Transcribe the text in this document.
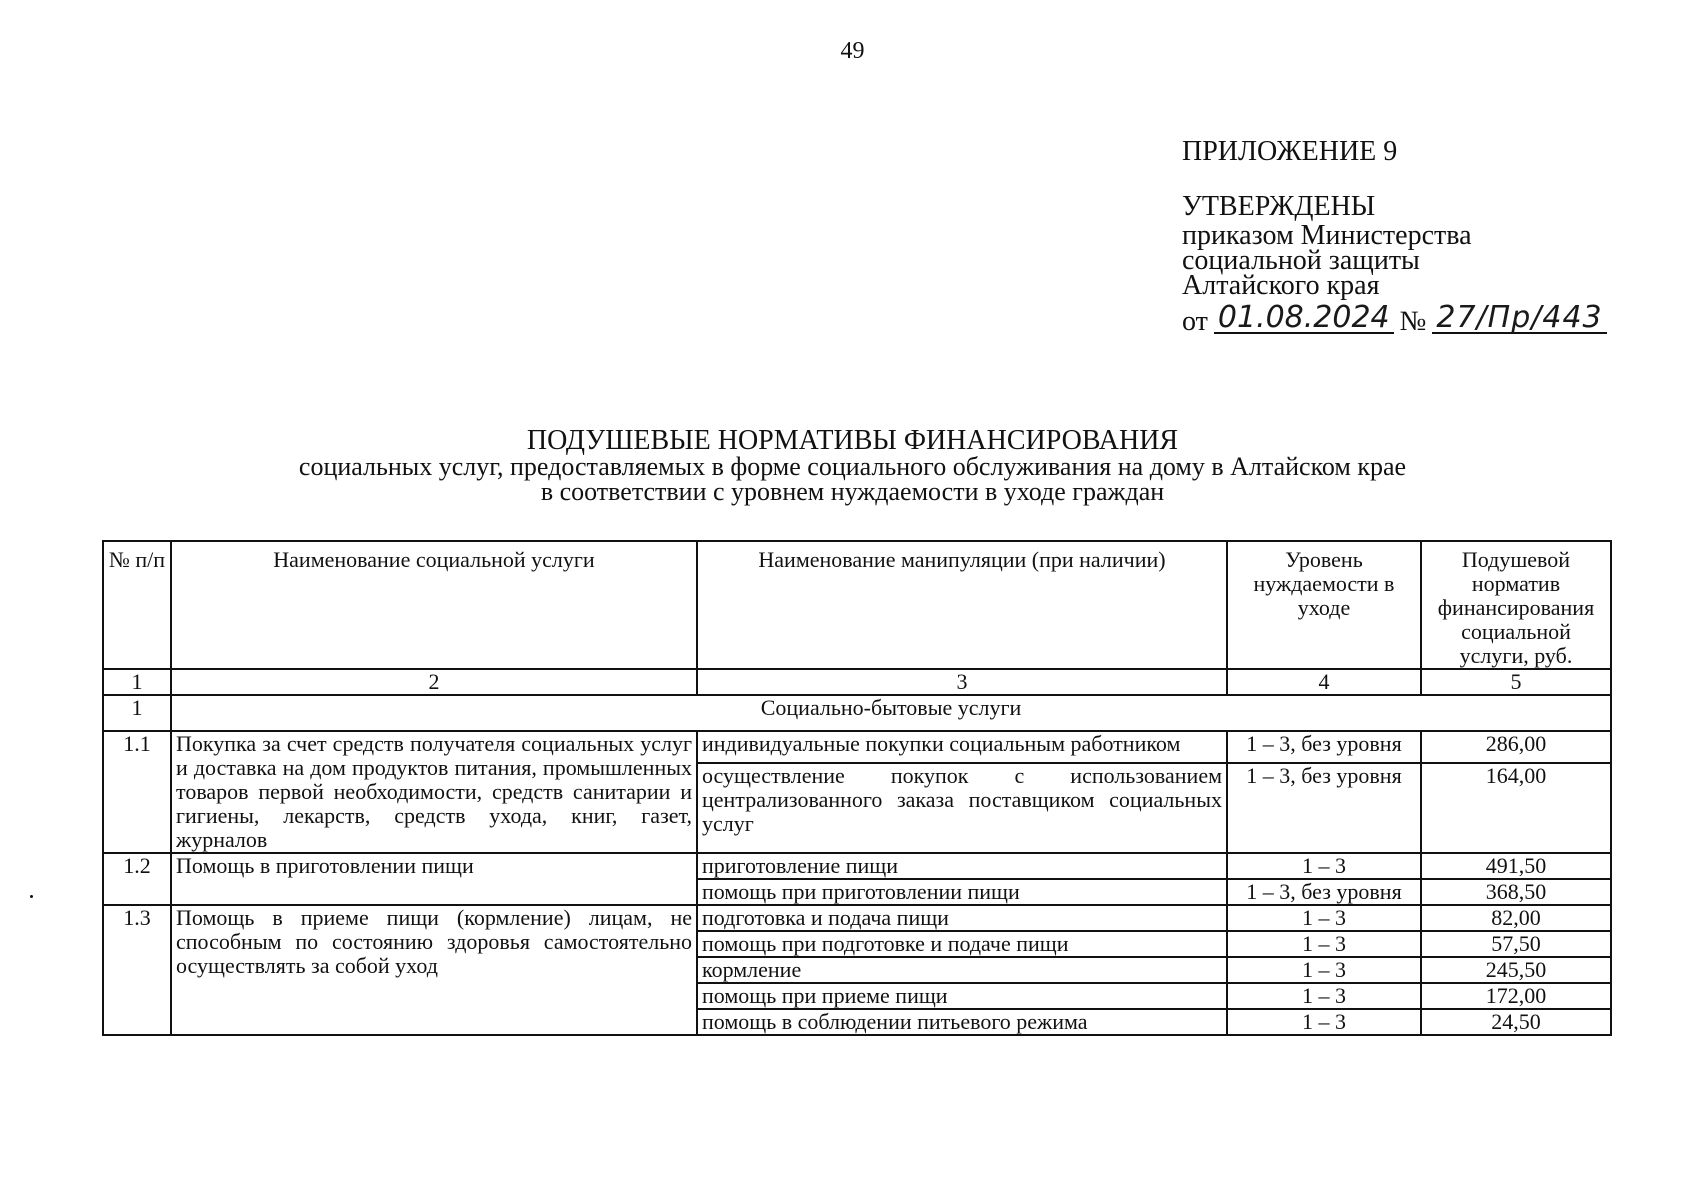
49
ПРИЛОЖЕНИЕ 9
УТВЕРЖДЕНЫ
приказом Министерства
социальной защиты
Алтайского края
от 01.08.2024 № 27/Пр/443
ПОДУШЕВЫЕ НОРМАТИВЫ ФИНАНСИРОВАНИЯ
социальных услуг, предоставляемых в форме социального обслуживания на дому в Алтайском крае
в соответствии с уровнем нуждаемости в уходе граждан
№ п/п	Наименование социальной услуги	Наименование манипуляции (при наличии)	Уровень нуждаемости в уходе	Подушевой норматив финансирования социальной услуги, руб.
1	2	3	4	5
1	Социально-бытовые услуги			
1.1	Покупка за счет средств получателя социальных услуг и доставка на дом продуктов питания, промышленных товаров первой необходимости, средств санитарии и гигиены, лекарств, средств ухода, книг, газет, журналов	индивидуальные покупки социальным работником	1 – 3, без уровня	286,00
		осуществление покупок с использованием централизованного заказа поставщиком социальных услуг	1 – 3, без уровня	164,00
1.2	Помощь в приготовлении пищи	приготовление пищи	1 – 3	491,50
		помощь при приготовлении пищи	1 – 3, без уровня	368,50
1.3	Помощь в приеме пищи (кормление) лицам, не способным по состоянию здоровья самостоятельно осуществлять за собой уход	подготовка и подача пищи	1 – 3	82,00
		помощь при подготовке и подаче пищи	1 – 3	57,50
		кормление	1 – 3	245,50
		помощь при приеме пищи	1 – 3	172,00
		помощь в соблюдении питьевого режима	1 – 3	24,50
